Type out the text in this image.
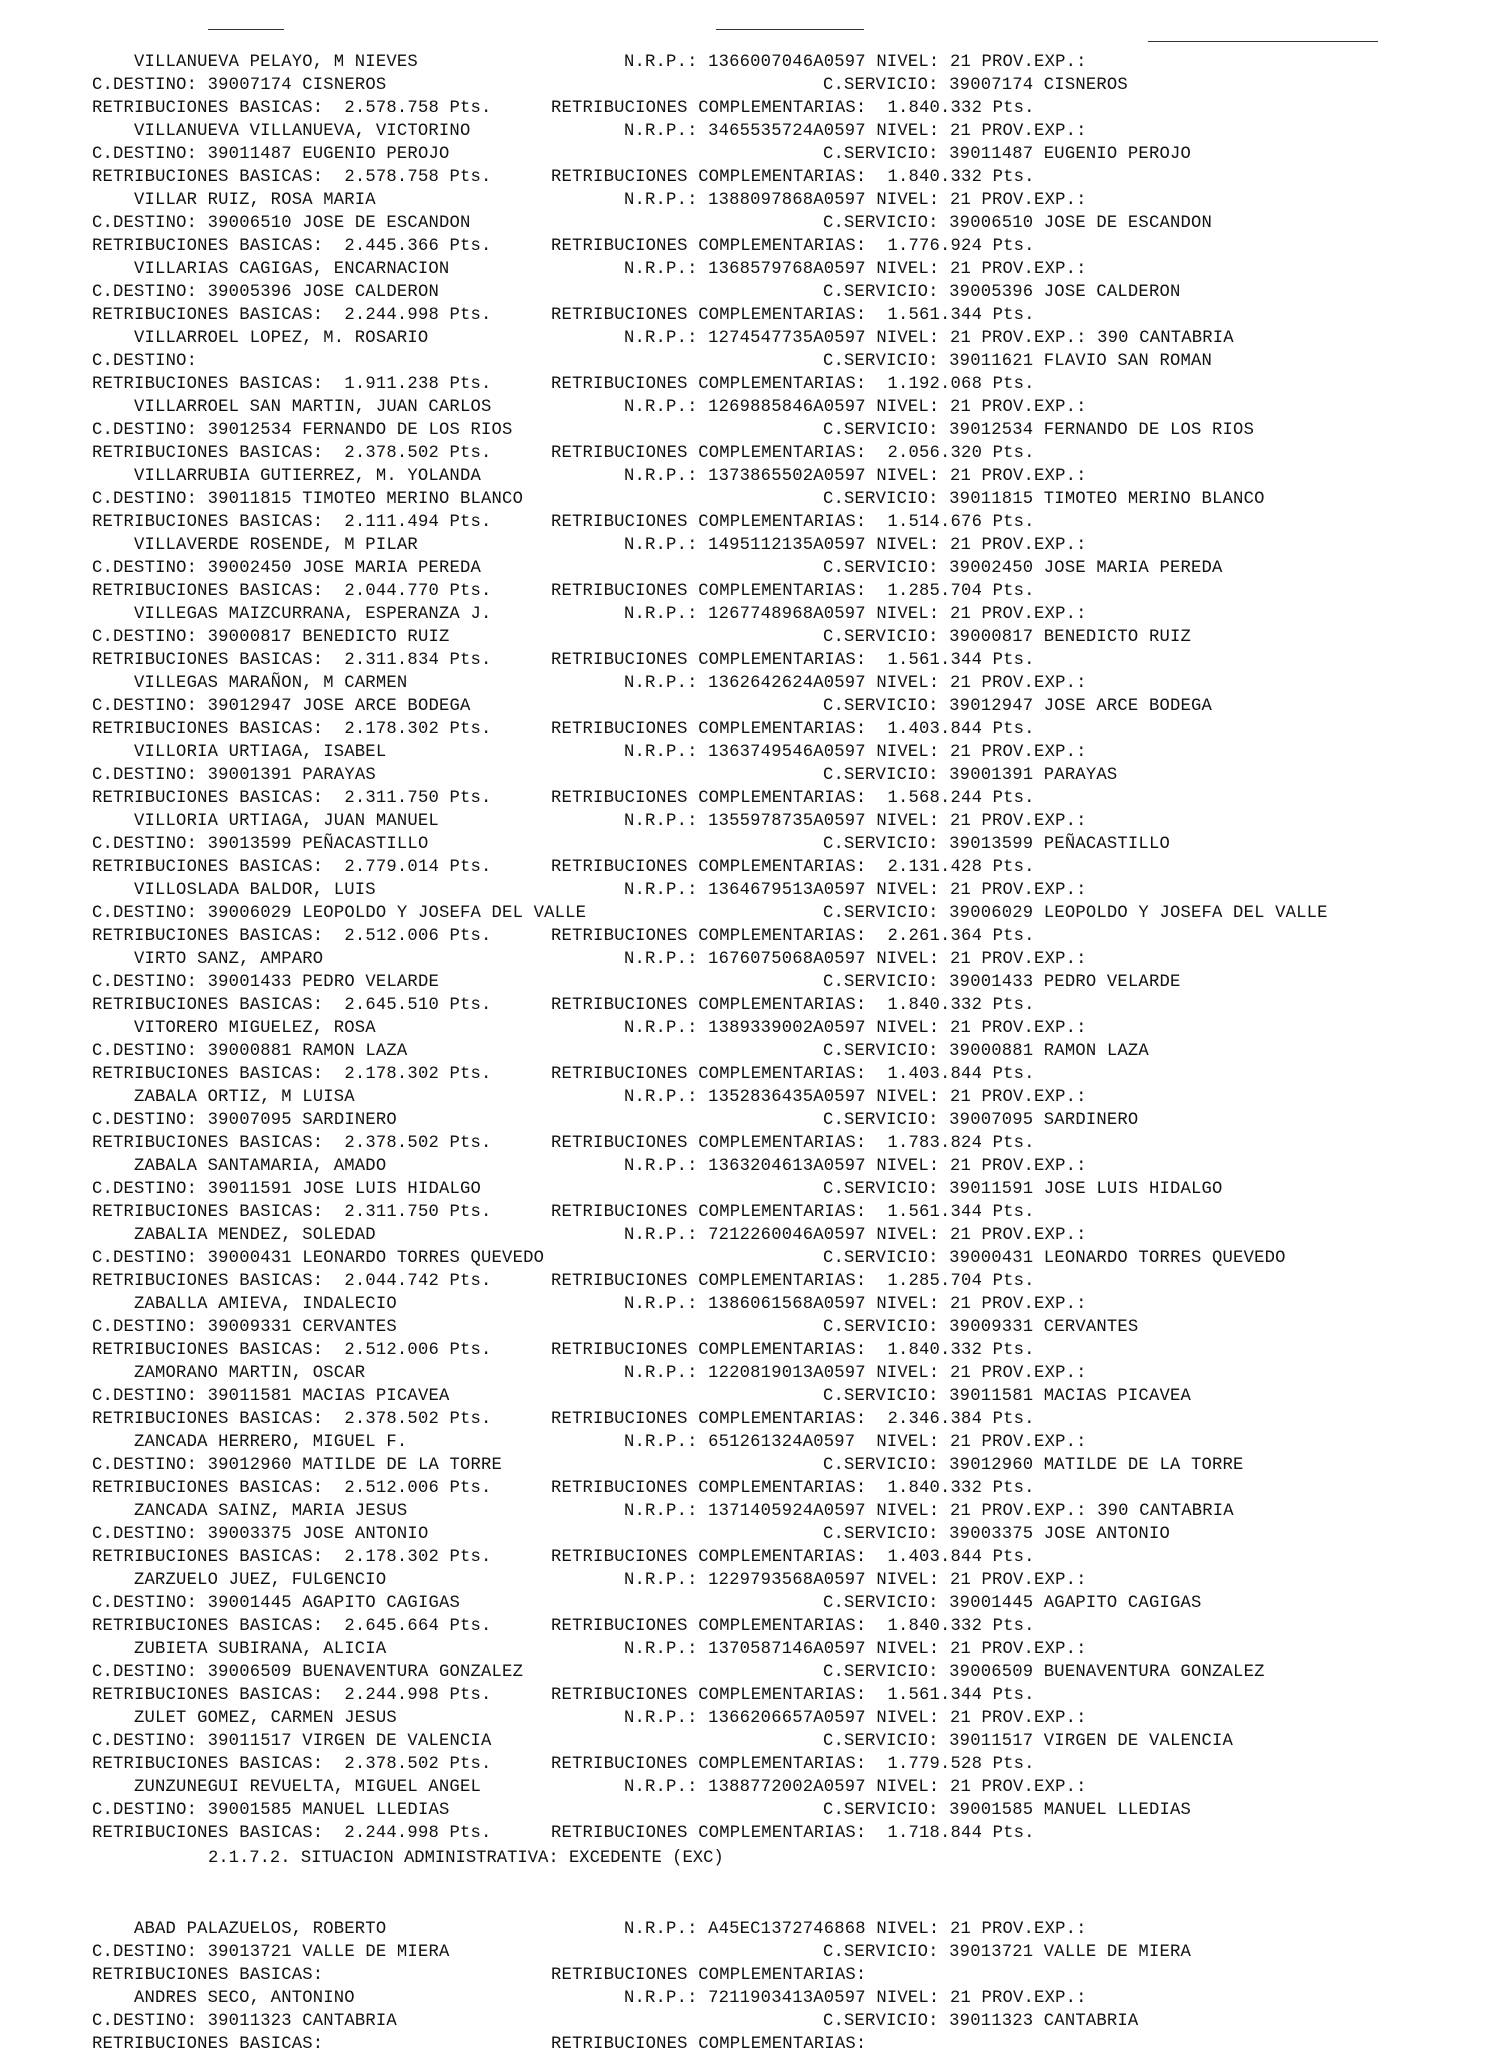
VILLANUEVA PELAYO, M NIEVES	N.R.P.: 1366007046A0597 NIVEL: 21 PROV.EXP.:
C.DESTINO: 39007174 CISNEROS	C.SERVICIO: 39007174 CISNEROS
RETRIBUCIONES BASICAS:  2.578.758 Pts.	RETRIBUCIONES COMPLEMENTARIAS:  1.840.332 Pts.
VILLANUEVA VILLANUEVA, VICTORINO	N.R.P.: 3465535724A0597 NIVEL: 21 PROV.EXP.:
C.DESTINO: 39011487 EUGENIO PEROJO	C.SERVICIO: 39011487 EUGENIO PEROJO
RETRIBUCIONES BASICAS:  2.578.758 Pts.	RETRIBUCIONES COMPLEMENTARIAS:  1.840.332 Pts.
VILLAR RUIZ, ROSA MARIA	N.R.P.: 1388097868A0597 NIVEL: 21 PROV.EXP.:
C.DESTINO: 39006510 JOSE DE ESCANDON	C.SERVICIO: 39006510 JOSE DE ESCANDON
RETRIBUCIONES BASICAS:  2.445.366 Pts.	RETRIBUCIONES COMPLEMENTARIAS:  1.776.924 Pts.
VILLARIAS CAGIGAS, ENCARNACION	N.R.P.: 1368579768A0597 NIVEL: 21 PROV.EXP.:
C.DESTINO: 39005396 JOSE CALDERON	C.SERVICIO: 39005396 JOSE CALDERON
RETRIBUCIONES BASICAS:  2.244.998 Pts.	RETRIBUCIONES COMPLEMENTARIAS:  1.561.344 Pts.
VILLARROEL LOPEZ, M. ROSARIO	N.R.P.: 1274547735A0597 NIVEL: 21 PROV.EXP.: 390 CANTABRIA
C.DESTINO:	C.SERVICIO: 39011621 FLAVIO SAN ROMAN
RETRIBUCIONES BASICAS:  1.911.238 Pts.	RETRIBUCIONES COMPLEMENTARIAS:  1.192.068 Pts.
VILLARROEL SAN MARTIN, JUAN CARLOS	N.R.P.: 1269885846A0597 NIVEL: 21 PROV.EXP.:
C.DESTINO: 39012534 FERNANDO DE LOS RIOS	C.SERVICIO: 39012534 FERNANDO DE LOS RIOS
RETRIBUCIONES BASICAS:  2.378.502 Pts.	RETRIBUCIONES COMPLEMENTARIAS:  2.056.320 Pts.
VILLARRUBIA GUTIERREZ, M. YOLANDA	N.R.P.: 1373865502A0597 NIVEL: 21 PROV.EXP.:
C.DESTINO: 39011815 TIMOTEO MERINO BLANCO	C.SERVICIO: 39011815 TIMOTEO MERINO BLANCO
RETRIBUCIONES BASICAS:  2.111.494 Pts.	RETRIBUCIONES COMPLEMENTARIAS:  1.514.676 Pts.
VILLAVERDE ROSENDE, M PILAR	N.R.P.: 1495112135A0597 NIVEL: 21 PROV.EXP.:
C.DESTINO: 39002450 JOSE MARIA PEREDA	C.SERVICIO: 39002450 JOSE MARIA PEREDA
RETRIBUCIONES BASICAS:  2.044.770 Pts.	RETRIBUCIONES COMPLEMENTARIAS:  1.285.704 Pts.
VILLEGAS MAIZCURRANA, ESPERANZA J.	N.R.P.: 1267748968A0597 NIVEL: 21 PROV.EXP.:
C.DESTINO: 39000817 BENEDICTO RUIZ	C.SERVICIO: 39000817 BENEDICTO RUIZ
RETRIBUCIONES BASICAS:  2.311.834 Pts.	RETRIBUCIONES COMPLEMENTARIAS:  1.561.344 Pts.
VILLEGAS MARAÑON, M CARMEN	N.R.P.: 1362642624A0597 NIVEL: 21 PROV.EXP.:
C.DESTINO: 39012947 JOSE ARCE BODEGA	C.SERVICIO: 39012947 JOSE ARCE BODEGA
RETRIBUCIONES BASICAS:  2.178.302 Pts.	RETRIBUCIONES COMPLEMENTARIAS:  1.403.844 Pts.
VILLORIA URTIAGA, ISABEL	N.R.P.: 1363749546A0597 NIVEL: 21 PROV.EXP.:
C.DESTINO: 39001391 PARAYAS	C.SERVICIO: 39001391 PARAYAS
RETRIBUCIONES BASICAS:  2.311.750 Pts.	RETRIBUCIONES COMPLEMENTARIAS:  1.568.244 Pts.
VILLORIA URTIAGA, JUAN MANUEL	N.R.P.: 1355978735A0597 NIVEL: 21 PROV.EXP.:
C.DESTINO: 39013599 PEÑACASTILLO	C.SERVICIO: 39013599 PEÑACASTILLO
RETRIBUCIONES BASICAS:  2.779.014 Pts.	RETRIBUCIONES COMPLEMENTARIAS:  2.131.428 Pts.
VILLOSLADA BALDOR, LUIS	N.R.P.: 1364679513A0597 NIVEL: 21 PROV.EXP.:
C.DESTINO: 39006029 LEOPOLDO Y JOSEFA DEL VALLE	C.SERVICIO: 39006029 LEOPOLDO Y JOSEFA DEL VALLE
RETRIBUCIONES BASICAS:  2.512.006 Pts.	RETRIBUCIONES COMPLEMENTARIAS:  2.261.364 Pts.
VIRTO SANZ, AMPARO	N.R.P.: 1676075068A0597 NIVEL: 21 PROV.EXP.:
C.DESTINO: 39001433 PEDRO VELARDE	C.SERVICIO: 39001433 PEDRO VELARDE
RETRIBUCIONES BASICAS:  2.645.510 Pts.	RETRIBUCIONES COMPLEMENTARIAS:  1.840.332 Pts.
VITORERO MIGUELEZ, ROSA	N.R.P.: 1389339002A0597 NIVEL: 21 PROV.EXP.:
C.DESTINO: 39000881 RAMON LAZA	C.SERVICIO: 39000881 RAMON LAZA
RETRIBUCIONES BASICAS:  2.178.302 Pts.	RETRIBUCIONES COMPLEMENTARIAS:  1.403.844 Pts.
ZABALA ORTIZ, M LUISA	N.R.P.: 1352836435A0597 NIVEL: 21 PROV.EXP.:
C.DESTINO: 39007095 SARDINERO	C.SERVICIO: 39007095 SARDINERO
RETRIBUCIONES BASICAS:  2.378.502 Pts.	RETRIBUCIONES COMPLEMENTARIAS:  1.783.824 Pts.
ZABALA SANTAMARIA, AMADO	N.R.P.: 1363204613A0597 NIVEL: 21 PROV.EXP.:
C.DESTINO: 39011591 JOSE LUIS HIDALGO	C.SERVICIO: 39011591 JOSE LUIS HIDALGO
RETRIBUCIONES BASICAS:  2.311.750 Pts.	RETRIBUCIONES COMPLEMENTARIAS:  1.561.344 Pts.
ZABALIA MENDEZ, SOLEDAD	N.R.P.: 7212260046A0597 NIVEL: 21 PROV.EXP.:
C.DESTINO: 39000431 LEONARDO TORRES QUEVEDO	C.SERVICIO: 39000431 LEONARDO TORRES QUEVEDO
RETRIBUCIONES BASICAS:  2.044.742 Pts.	RETRIBUCIONES COMPLEMENTARIAS:  1.285.704 Pts.
ZABALLA AMIEVA, INDALECIO	N.R.P.: 1386061568A0597 NIVEL: 21 PROV.EXP.:
C.DESTINO: 39009331 CERVANTES	C.SERVICIO: 39009331 CERVANTES
RETRIBUCIONES BASICAS:  2.512.006 Pts.	RETRIBUCIONES COMPLEMENTARIAS:  1.840.332 Pts.
ZAMORANO MARTIN, OSCAR	N.R.P.: 1220819013A0597 NIVEL: 21 PROV.EXP.:
C.DESTINO: 39011581 MACIAS PICAVEA	C.SERVICIO: 39011581 MACIAS PICAVEA
RETRIBUCIONES BASICAS:  2.378.502 Pts.	RETRIBUCIONES COMPLEMENTARIAS:  2.346.384 Pts.
ZANCADA HERRERO, MIGUEL F.	N.R.P.: 651261324A0597  NIVEL: 21 PROV.EXP.:
C.DESTINO: 39012960 MATILDE DE LA TORRE	C.SERVICIO: 39012960 MATILDE DE LA TORRE
RETRIBUCIONES BASICAS:  2.512.006 Pts.	RETRIBUCIONES COMPLEMENTARIAS:  1.840.332 Pts.
ZANCADA SAINZ, MARIA JESUS	N.R.P.: 1371405924A0597 NIVEL: 21 PROV.EXP.: 390 CANTABRIA
C.DESTINO: 39003375 JOSE ANTONIO	C.SERVICIO: 39003375 JOSE ANTONIO
RETRIBUCIONES BASICAS:  2.178.302 Pts.	RETRIBUCIONES COMPLEMENTARIAS:  1.403.844 Pts.
ZARZUELO JUEZ, FULGENCIO	N.R.P.: 1229793568A0597 NIVEL: 21 PROV.EXP.:
C.DESTINO: 39001445 AGAPITO CAGIGAS	C.SERVICIO: 39001445 AGAPITO CAGIGAS
RETRIBUCIONES BASICAS:  2.645.664 Pts.	RETRIBUCIONES COMPLEMENTARIAS:  1.840.332 Pts.
ZUBIETA SUBIRANA, ALICIA	N.R.P.: 1370587146A0597 NIVEL: 21 PROV.EXP.:
C.DESTINO: 39006509 BUENAVENTURA GONZALEZ	C.SERVICIO: 39006509 BUENAVENTURA GONZALEZ
RETRIBUCIONES BASICAS:  2.244.998 Pts.	RETRIBUCIONES COMPLEMENTARIAS:  1.561.344 Pts.
ZULET GOMEZ, CARMEN JESUS	N.R.P.: 1366206657A0597 NIVEL: 21 PROV.EXP.:
C.DESTINO: 39011517 VIRGEN DE VALENCIA	C.SERVICIO: 39011517 VIRGEN DE VALENCIA
RETRIBUCIONES BASICAS:  2.378.502 Pts.	RETRIBUCIONES COMPLEMENTARIAS:  1.779.528 Pts.
ZUNZUNEGUI REVUELTA, MIGUEL ANGEL	N.R.P.: 1388772002A0597 NIVEL: 21 PROV.EXP.:
C.DESTINO: 39001585 MANUEL LLEDIAS	C.SERVICIO: 39001585 MANUEL LLEDIAS
RETRIBUCIONES BASICAS:  2.244.998 Pts.	RETRIBUCIONES COMPLEMENTARIAS:  1.718.844 Pts.
2.1.7.2. SITUACION ADMINISTRATIVA: EXCEDENTE (EXC)
ABAD PALAZUELOS, ROBERTO	N.R.P.: A45EC1372746868 NIVEL: 21 PROV.EXP.:
C.DESTINO: 39013721 VALLE DE MIERA	C.SERVICIO: 39013721 VALLE DE MIERA
RETRIBUCIONES BASICAS:	RETRIBUCIONES COMPLEMENTARIAS:
ANDRES SECO, ANTONINO	N.R.P.: 7211903413A0597 NIVEL: 21 PROV.EXP.:
C.DESTINO: 39011323 CANTABRIA	C.SERVICIO: 39011323 CANTABRIA
RETRIBUCIONES BASICAS:	RETRIBUCIONES COMPLEMENTARIAS:
